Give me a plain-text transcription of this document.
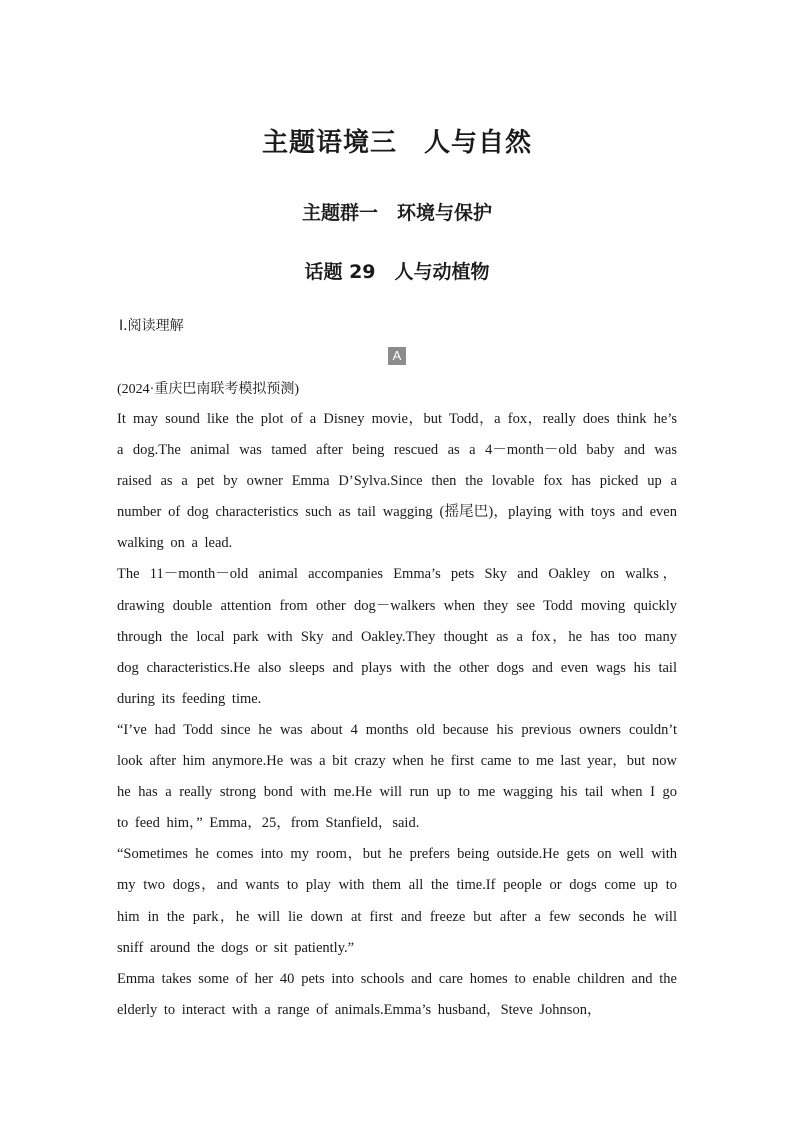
主题语境三　人与自然
主题群一　环境与保护
话题 29　人与动植物
Ⅰ.阅读理解
A
(2024·重庆巴南联考模拟预测)

It may sound like the plot of a Disney movie，but Todd，a fox，really does think he’s a dog.The animal was tamed after being rescued as a 4－month－old baby and was raised as a pet by owner Emma D’Sylva.Since then the lovable fox has picked up a number of dog characteristics such as tail wagging (摇尾巴)，playing with toys and even walking on a lead.

The 11－month－old animal accompanies Emma’s pets Sky and Oakley on walks，drawing double attention from other dog－walkers when they see Todd moving quickly through the local park with Sky and Oakley.They thought as a fox，he has too many dog characteristics.He also sleeps and plays with the other dogs and even wags his tail during its feeding time.

“I’ve had Todd since he was about 4 months old because his previous owners couldn’t look after him anymore.He was a bit crazy when he first came to me last year，but now he has a really strong bond with me.He will run up to me wagging his tail when I go to feed him，” Emma，25，from Stanfield，said.

“Sometimes he comes into my room，but he prefers being outside.He gets on well with my two dogs，and wants to play with them all the time.If people or dogs come up to him in the park，he will lie down at first and freeze but after a few seconds he will sniff around the dogs or sit patiently.”

Emma takes some of her 40 pets into schools and care homes to enable children and the elderly to interact with a range of animals.Emma’s husband，Steve Johnson，
